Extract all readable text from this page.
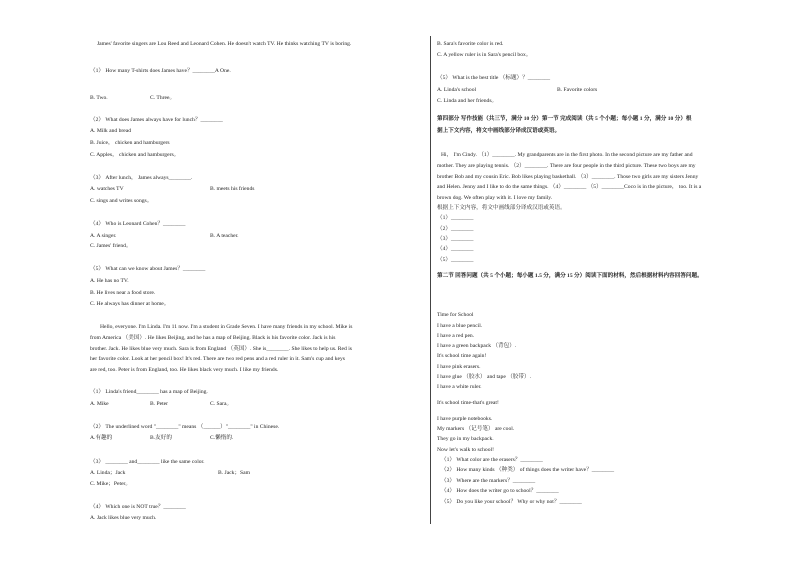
James' favorite singers are Lou Reed and Leonard Cohen. He doesn't watch TV. He thinks watching TV is boring.
（1） How many T-shirts does James have？________A One.
B. Two.	C. Three。
（2） What does James always have for lunch？________
A. Milk and bread
B. Juice， chicken and hamburgers
C. Apples， chicken and hamburgers。
（3） After lunch， James always________.
A. watches TV	B. meets his friends
C. sings and writes songs。
（4） Who is Leonard Cohen？________
A. A singer.	B. A teacher.
C. James' friend。
（5） What can we know about James？________
A. He has no TV.
B. He lives near a food store.
C. He always has dinner at home。
Hello, everyone. I'm Linda. I'm 11 now. I'm a student in Grade Seven. I have many friends in my school. Mike is
from America （美国）. He likes Beijing, and he has a map of Beijing. Black is his favorite color. Jack is his
brother. Jack. He likes blue very much. Sara is from England （英国）. She is________. She likes to help us. Red is
her favorite color. Look at her pencil box! It's red. There are two red pens and a red ruler in it. Sam's cup and keys
are red, too. Peter is from England, too. He likes black very much. I like my friends.
（1） Linda's friend________ has a map of Beijing.
A. Mike	B. Peter	C. Sara。
（2） The underlined word "________" means （______）"________" in Chinese.
A.有趣的	B.友好的	C.懒惰的.
（3） ________ and________ like the same color.
A. Linda；Jack	B. Jack；Sam
C. Mike；Peter。
（4） Which one is NOT true？________
A. Jack likes blue very much.
B. Sara's favorite color is red.
C. A yellow ruler is in Sara's pencil box。
（5） What is the best title （标题）？________
A. Linda's school	B. Favorite colors
C. Linda and her friends。
第四部分 写作技能（共三节，满分 10 分）第一节 完成阅读（共 5 个小题；每小题 1 分，满分 10 分）根
据上下文内容，将文中画线部分译成汉语或英语。
Hi， I'm Cindy. （1）________. My grandparents are in the first photo. In the second picture are my father and
mother. They are playing tennis. （2）________. There are four people in the third picture. These two boys are my
brother Bob and my cousin Eric. Bob likes playing basketball. （3）________. Those two girls are my sisters Jenny
and Helen. Jenny and I like to do the same things. （4）________ （5）________Coco is in the picture， too. It is a
brown dog. We often play with it. I love my family.
根据上下文内容，将文中画线部分译成汉语或英语。
（1）________
（2）________
（3）________
（4）________
（5）________
第二节 回答问题（共 5 个小题；每小题 1.5 分，满分 15 分）阅读下面的材料，然后根据材料内容回答问题。
Time for School
I have a blue pencil.
I have a red pen.
I have a green backpack （背包）.
It's school time again!
I have pink erasers.
I have glue （胶水） and tape （胶带）.
I have a white ruler.
It's school time-that's great!
I have purple notebooks.
My markers （记号笔） are cool.
They go in my backpack.
Now let's walk to school!
（1） What color are the erasers？________
（2） How many kinds （种类） of things does the writer have？________
（3） Where are the markers？________
（4） How does the writer go to school？________
（5） Do you like your school？ Why or why not？________
